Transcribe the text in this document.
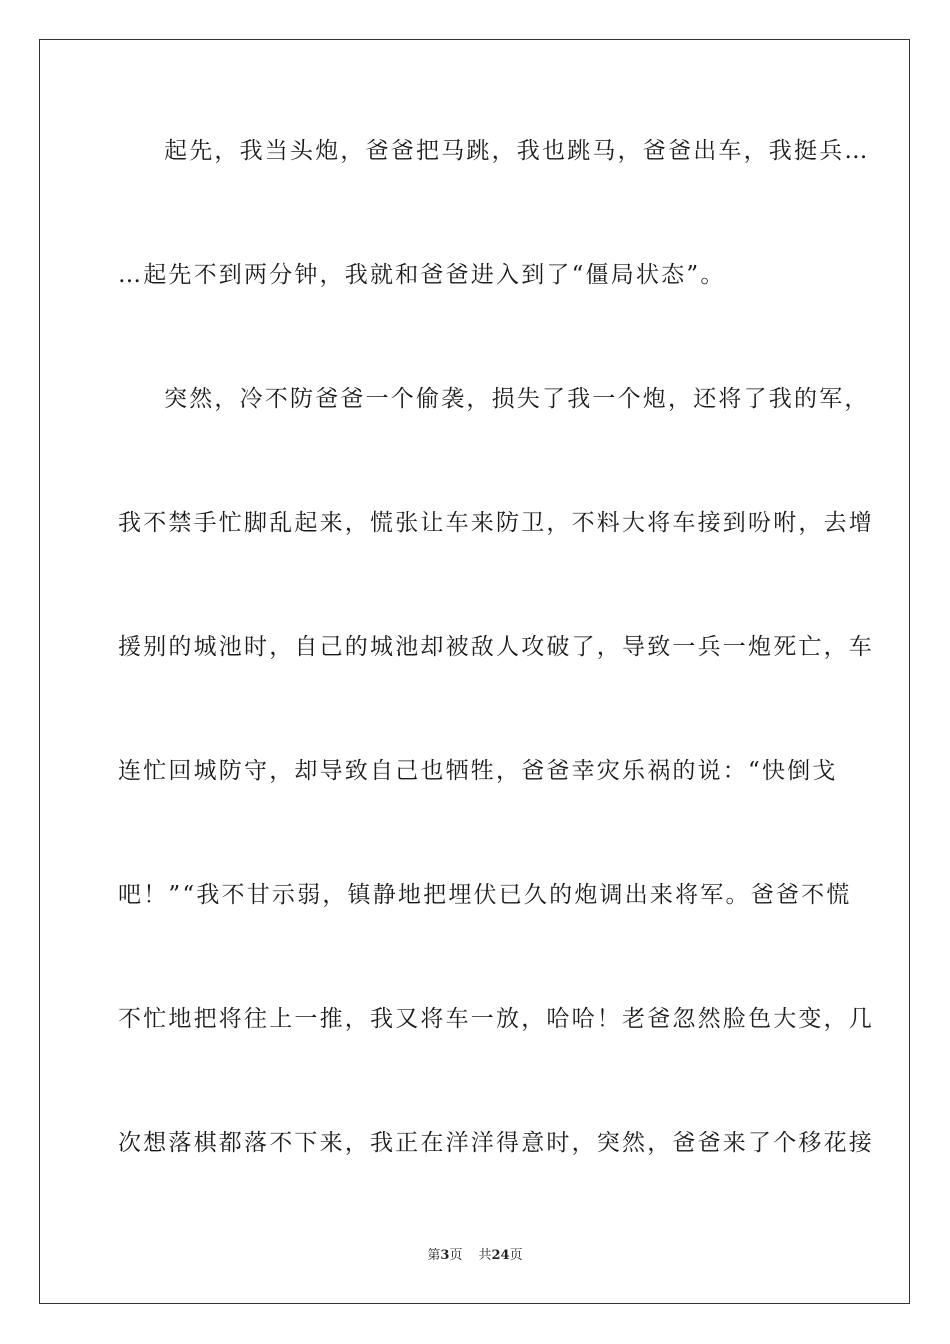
起先，我当头炮，爸爸把马跳，我也跳马，爸爸出车，我挺兵…
…起先不到两分钟，我就和爸爸进入到了“僵局状态”。
突然，冷不防爸爸一个偷袭，损失了我一个炮，还将了我的军，
我不禁手忙脚乱起来，慌张让车来防卫，不料大将车接到吩咐，去增
援别的城池时，自己的城池却被敌人攻破了，导致一兵一炮死亡，车
连忙回城防守，却导致自己也牺牲，爸爸幸灾乐祸的说：“快倒戈
吧！”“我不甘示弱，镇静地把埋伏已久的炮调出来将军。爸爸不慌
不忙地把将往上一推，我又将车一放，哈哈！老爸忽然脸色大变，几
次想落棋都落不下来，我正在洋洋得意时，突然，爸爸来了个移花接
第3页 共24页
